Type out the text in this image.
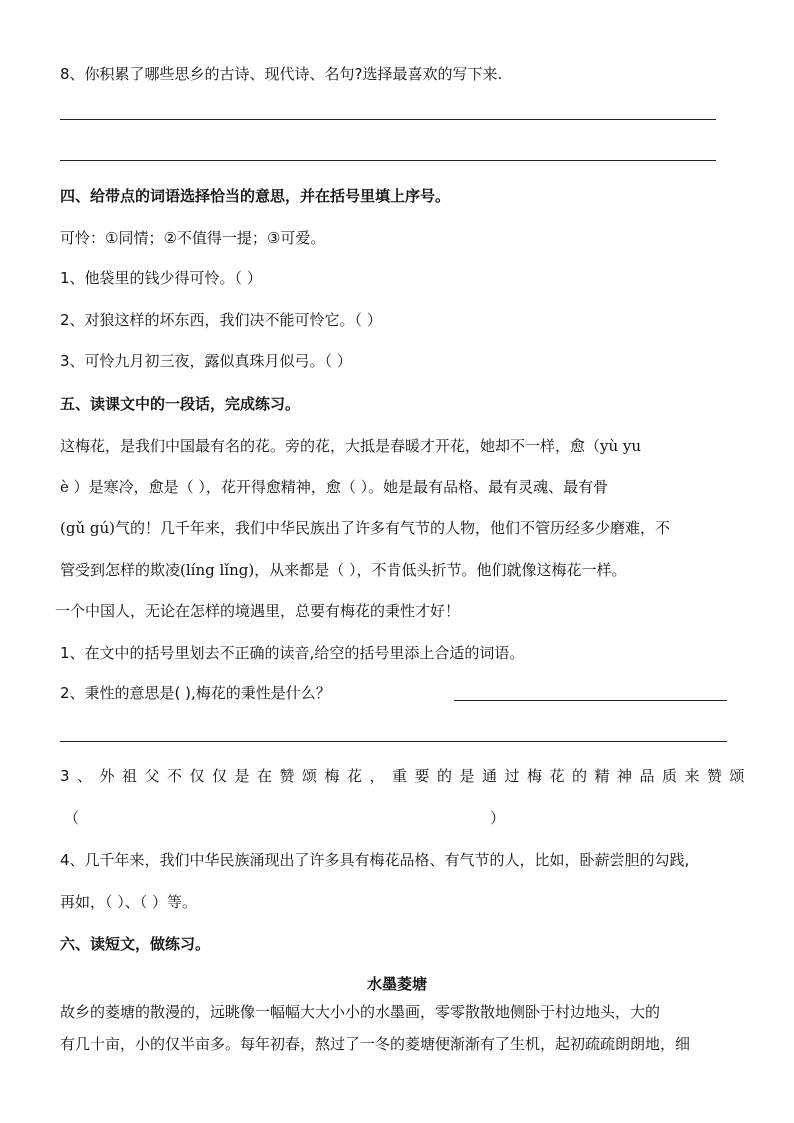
8、你积累了哪些思乡的古诗、现代诗、名句?选择最喜欢的写下来.
四、给带点的词语选择恰当的意思，并在括号里填上序号。
可怜：①同情；②不值得一提；③可爱。
1、他袋里的钱少得可怜。（ ）
2、对狼这样的坏东西，我们决不能可怜它。（ ）
3、可怜九月初三夜，露似真珠月似弓。（ ）
五、读课文中的一段话，完成练习。
这梅花，是我们中国最有名的花。旁的花，大抵是春暖才开花，她却不一样，愈（yù yu
è ）是寒冷，愈是（ ），花开得愈精神，愈（ ）。她是最有品格、最有灵魂、最有骨
(gǔ gú)气的！几千年来，我们中华民族出了许多有气节的人物，他们不管历经多少磨难，不
管受到怎样的欺凌(líng lǐng)，从来都是（ ），不肯低头折节。他们就像这梅花一样。
一个中国人，无论在怎样的境遇里，总要有梅花的秉性才好！
1、在文中的括号里划去不正确的读音,给空的括号里添上合适的词语。
2、秉性的意思是( ),梅花的秉性是什么？
3、外祖父不仅仅是在赞颂梅花，重要的是通过梅花的精神品质来赞颂
（	）
4、几千年来，我们中华民族涌现出了许多具有梅花品格、有气节的人，比如，卧薪尝胆的勾践,
再如，（ ）、（ ）等。
六、读短文，做练习。
水墨菱塘
故乡的菱塘的散漫的，远眺像一幅幅大大小小的水墨画，零零散散地侧卧于村边地头，大的
有几十亩，小的仅半亩多。每年初春，熬过了一冬的菱塘便渐渐有了生机，起初疏疏朗朗地，细
